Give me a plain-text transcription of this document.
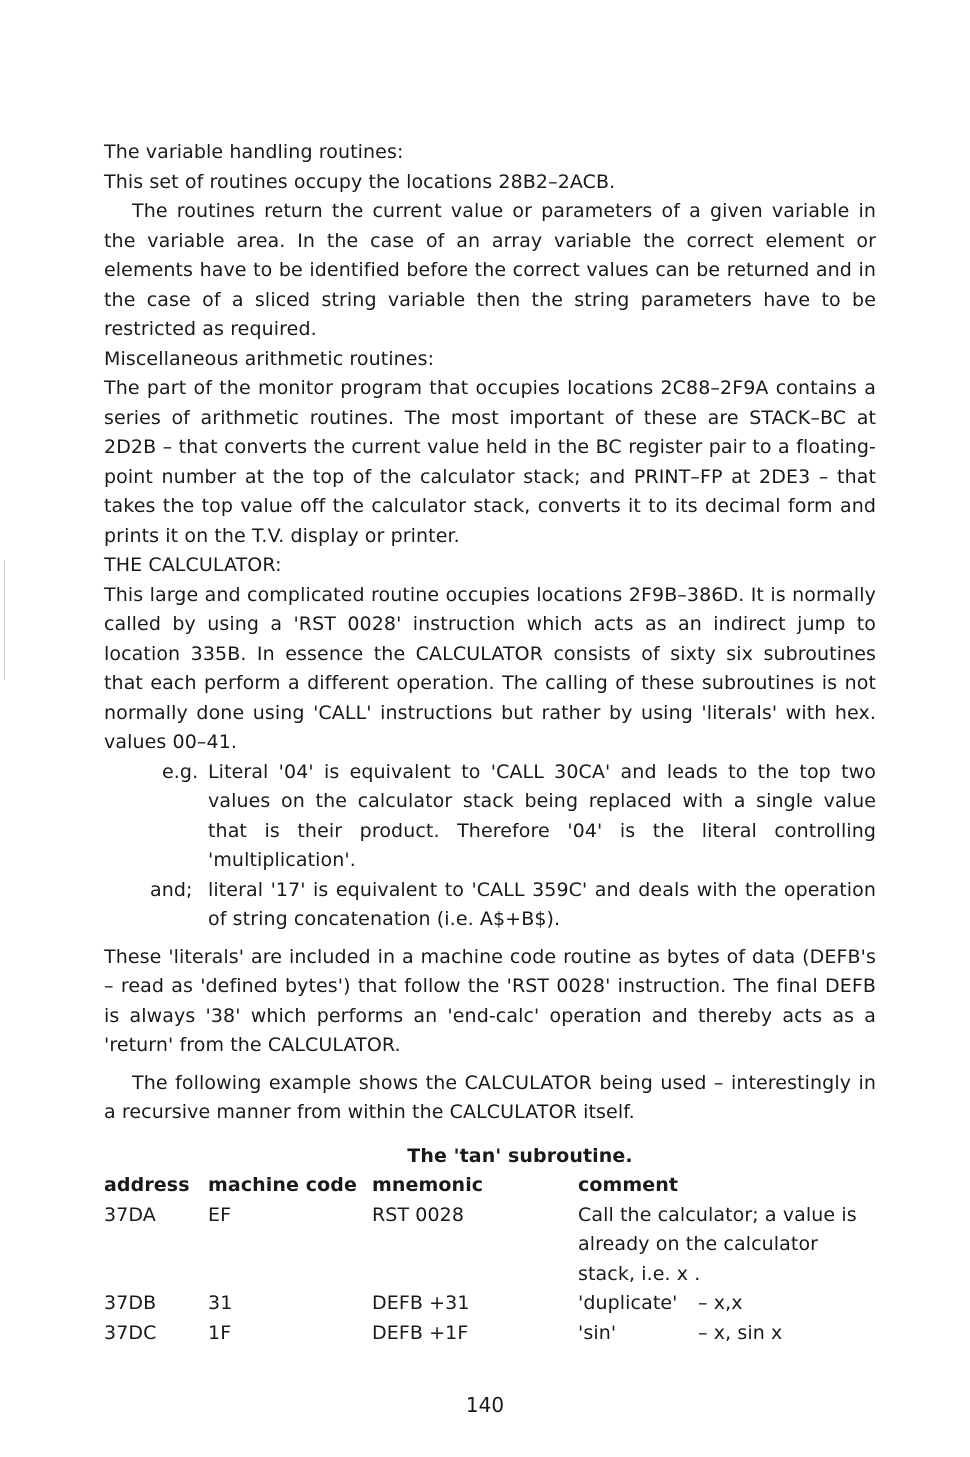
The variable handling routines:

This set of routines occupy the locations 28B2–2ACB.

The routines return the current value or parameters of a given variable in the variable area. In the case of an array variable the correct element or elements have to be identified before the correct values can be returned and in the case of a sliced string variable then the string parameters have to be restricted as required.

Miscellaneous arithmetic routines:

The part of the monitor program that occupies locations 2C88–2F9A contains a series of arithmetic routines. The most important of these are STACK–BC at 2D2B – that converts the current value held in the BC register pair to a floating-point number at the top of the calculator stack; and PRINT–FP at 2DE3 – that takes the top value off the calculator stack, converts it to its decimal form and prints it on the T.V. display or printer.

THE CALCULATOR:

This large and complicated routine occupies locations 2F9B–386D. It is normally called by using a 'RST 0028' instruction which acts as an indirect jump to location 335B. In essence the CALCULATOR consists of sixty six subroutines that each perform a different operation. The calling of these subroutines is not normally done using 'CALL' instructions but rather by using 'literals' with hex. values 00–41.

e.g. Literal '04' is equivalent to 'CALL 30CA' and leads to the top two values on the calculator stack being replaced with a single value that is their product. Therefore '04' is the literal controlling 'multiplication'.

and; literal '17' is equivalent to 'CALL 359C' and deals with the operation of string concatenation (i.e. A$+B$).

These 'literals' are included in a machine code routine as bytes of data (DEFB's – read as 'defined bytes') that follow the 'RST 0028' instruction. The final DEFB is always '38' which performs an 'end-calc' operation and thereby acts as a 'return' from the CALCULATOR.

The following example shows the CALCULATOR being used – interestingly in a recursive manner from within the CALCULATOR itself.

The 'tan' subroutine.

address	machine code	mnemonic	comment
37DA	EF	RST 0028	Call the calculator; a value is already on the calculator stack, i.e. x .
37DB	31	DEFB +31	'duplicate' – x,x

37DC	1F	DEFB +1F	'sin' – x, sin x
140
